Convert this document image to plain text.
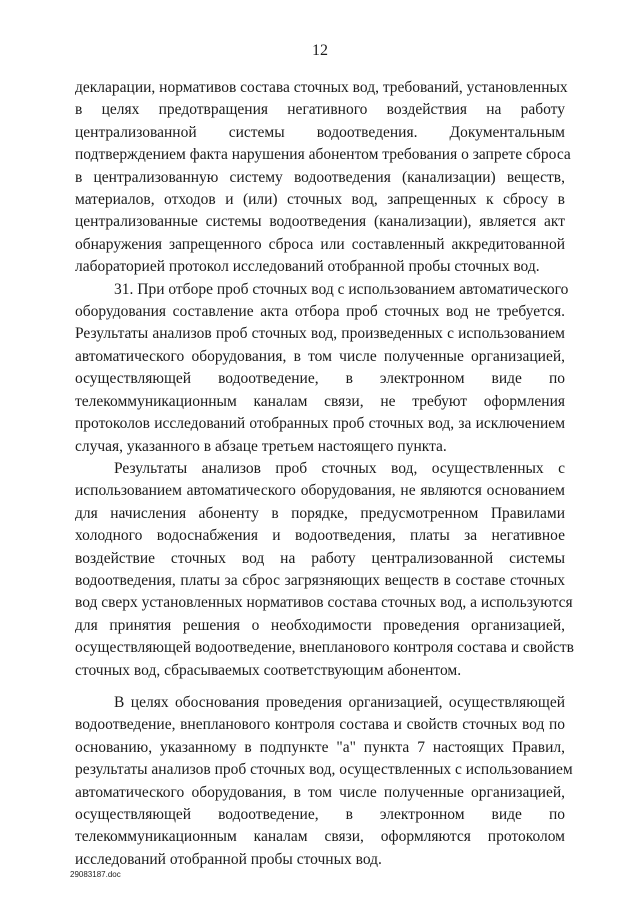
12
декларации, нормативов состава сточных вод, требований, установленных
в целях предотвращения негативного воздействия на работу
централизованной системы водоотведения. Документальным
подтверждением факта нарушения абонентом требования о запрете сброса
в централизованную систему водоотведения (канализации) веществ,
материалов, отходов и (или) сточных вод, запрещенных к сбросу в
централизованные системы водоотведения (канализации), является акт
обнаружения запрещенного сброса или составленный аккредитованной
лабораторией протокол исследований отобранной пробы сточных вод.
31. При отборе проб сточных вод с использованием автоматического
оборудования составление акта отбора проб сточных вод не требуется.
Результаты анализов проб сточных вод, произведенных с использованием
автоматического оборудования, в том числе полученные организацией,
осуществляющей водоотведение, в электронном виде по
телекоммуникационным каналам связи, не требуют оформления
протоколов исследований отобранных проб сточных вод, за исключением
случая, указанного в абзаце третьем настоящего пункта.
Результаты анализов проб сточных вод, осуществленных с
использованием автоматического оборудования, не являются основанием
для начисления абоненту в порядке, предусмотренном Правилами
холодного водоснабжения и водоотведения, платы за негативное
воздействие сточных вод на работу централизованной системы
водоотведения, платы за сброс загрязняющих веществ в составе сточных
вод сверх установленных нормативов состава сточных вод, а используются
для принятия решения о необходимости проведения организацией,
осуществляющей водоотведение, внепланового контроля состава и свойств
сточных вод, сбрасываемых соответствующим абонентом.
В целях обоснования проведения организацией, осуществляющей
водоотведение, внепланового контроля состава и свойств сточных вод по
основанию, указанному в подпункте "а" пункта 7 настоящих Правил,
результаты анализов проб сточных вод, осуществленных с использованием
автоматического оборудования, в том числе полученные организацией,
осуществляющей водоотведение, в электронном виде по
телекоммуникационным каналам связи, оформляются протоколом
исследований отобранной пробы сточных вод.
29083187.doc
